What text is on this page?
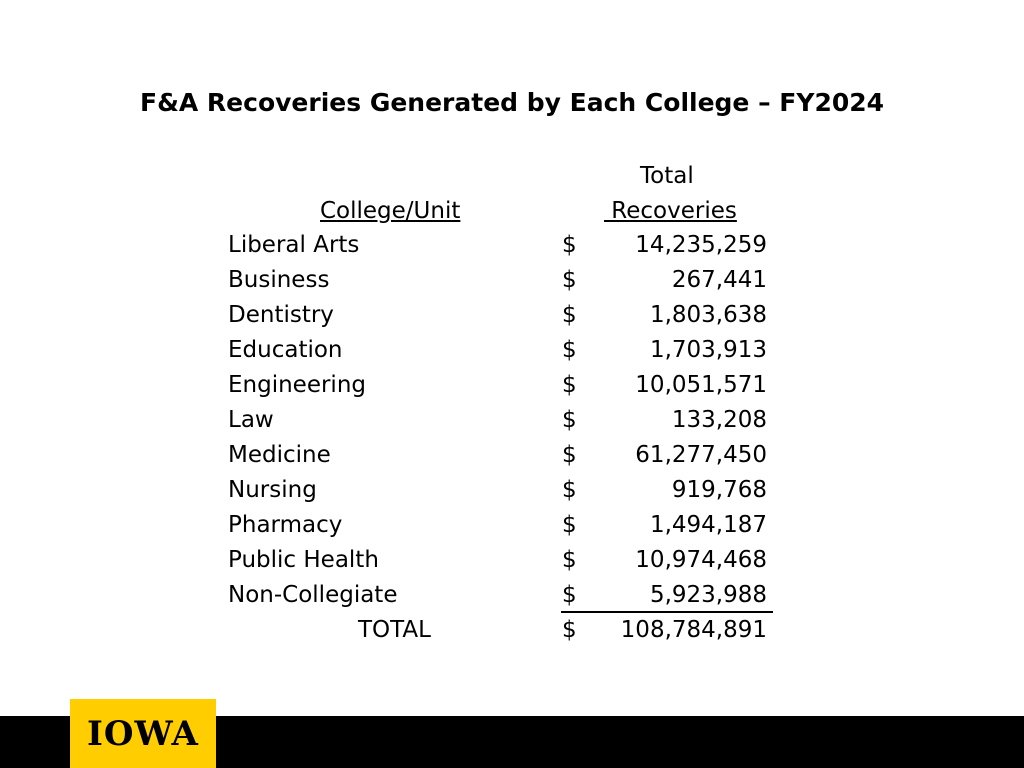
F&A Recoveries Generated by Each College – FY2024
Total
College/Unit	Recoveries
Liberal Arts	$	14,235,259
Business	$	267,441
Dentistry	$	1,803,638
Education	$	1,703,913
Engineering	$	10,051,571
Law	$	133,208
Medicine	$	61,277,450
Nursing	$	919,768
Pharmacy	$	1,494,187
Public Health	$	10,974,468
Non-Collegiate	$	5,923,988
TOTAL	$ 108,784,891
IOWA
